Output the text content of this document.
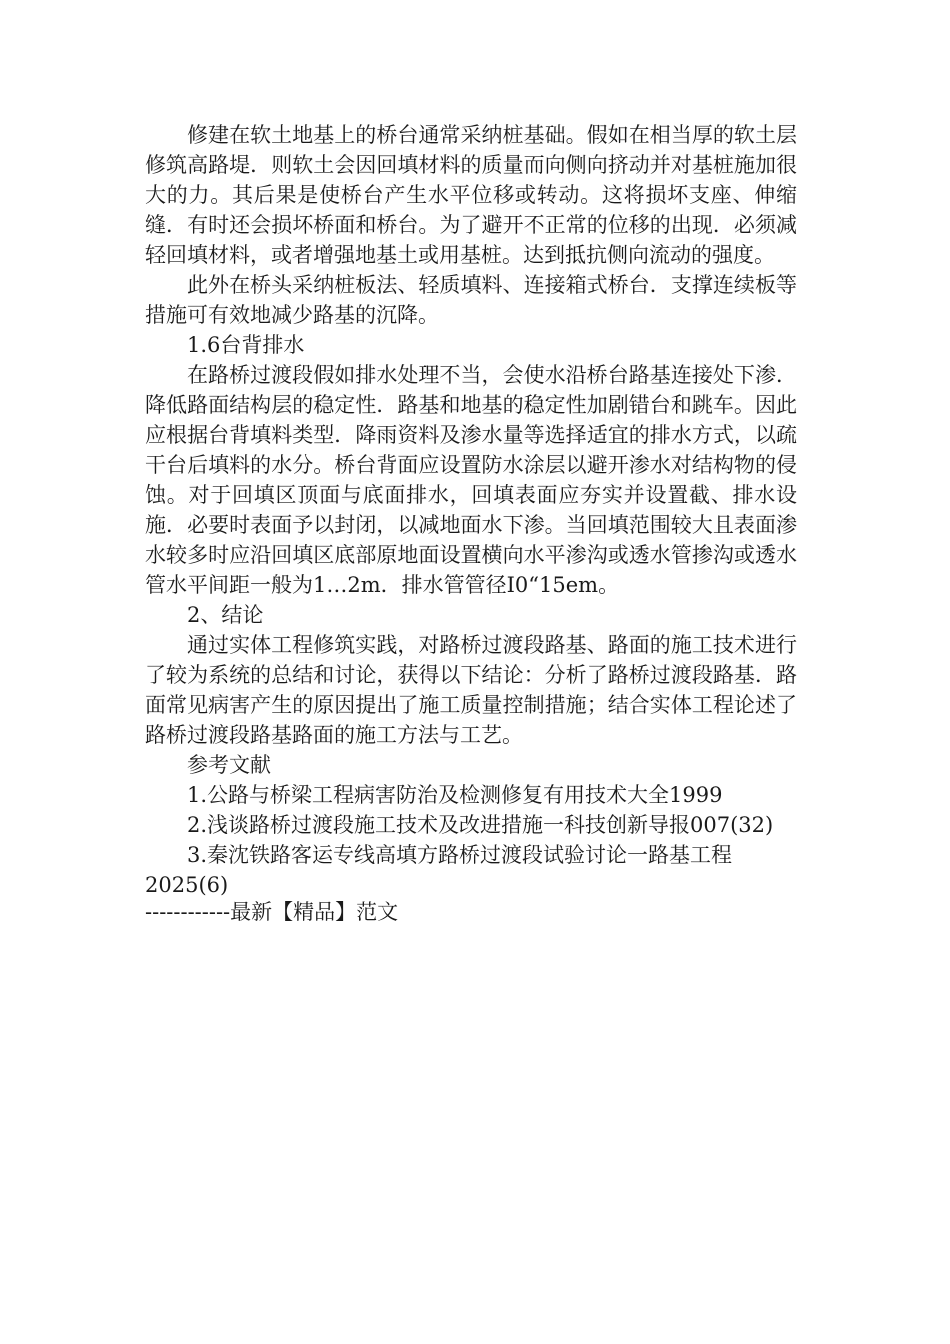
修建在软土地基上的桥台通常采纳桩基础。假如在相当厚的软土层修筑高路堤．则软土会因回填材料的质量而向侧向挤动并对基桩施加很大的力。其后果是使桥台产生水平位移或转动。这将损坏支座、伸缩缝．有时还会损坏桥面和桥台。为了避开不正常的位移的出现．必须减轻回填材料，或者增强地基土或用基桩。达到抵抗侧向流动的强度。

此外在桥头采纳桩板法、轻质填料、连接箱式桥台．支撑连续板等措施可有效地减少路基的沉降。

1.6台背排水

在路桥过渡段假如排水处理不当，会使水沿桥台路基连接处下渗．降低路面结构层的稳定性．路基和地基的稳定性加剧错台和跳车。因此应根据台背填料类型．降雨资料及渗水量等选择适宜的排水方式，以疏干台后填料的水分。桥台背面应设置防水涂层以避开渗水对结构物的侵蚀。对于回填区顶面与底面排水，回填表面应夯实并设置截、排水设施．必要时表面予以封闭，以减地面水下渗。当回填范围较大且表面渗水较多时应沿回填区底部原地面设置横向水平渗沟或透水管掺沟或透水管水平间距一般为1…2m．排水管管径I0“15em。

2、结论

通过实体工程修筑实践，对路桥过渡段路基、路面的施工技术进行了较为系统的总结和讨论，获得以下结论：分析了路桥过渡段路基．路面常见病害产生的原因提出了施工质量控制措施；结合实体工程论述了路桥过渡段路基路面的施工方法与工艺。

参考文献

1.公路与桥梁工程病害防治及检测修复有用技术大全1999

2.浅谈路桥过渡段施工技术及改进措施一科技创新导报007(32)

3.秦沈铁路客运专线高填方路桥过渡段试验讨论一路基工程2025(6)

------------最新【精品】范文
